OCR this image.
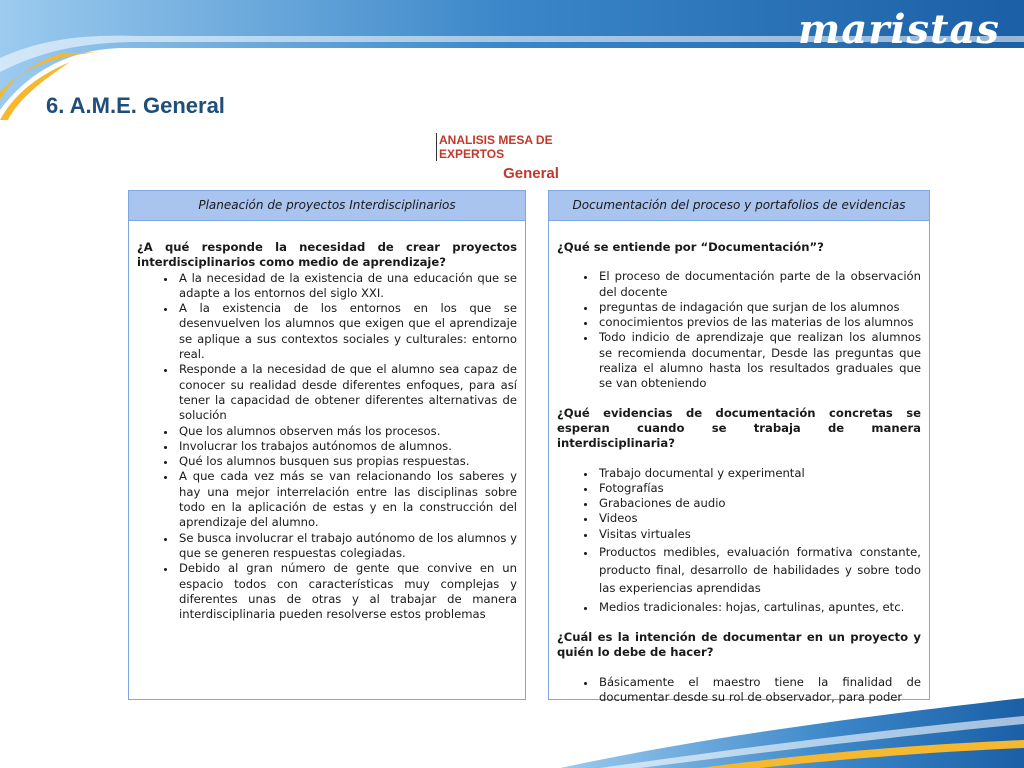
maristas
6. A.M.E. General
ANALISIS MESA DE EXPERTOS
General
Planeación de proyectos Interdisciplinarios

¿A qué responde la necesidad de crear proyectos interdisciplinarios como medio de aprendizaje?

• A la necesidad de la existencia de una educación que se adapte a los entornos del siglo XXI.
• A la existencia de los entornos en los que se desenvuelven los alumnos que exigen que el aprendizaje se aplique a sus contextos sociales y culturales: entorno real.
• Responde a la necesidad de que el alumno sea capaz de conocer su realidad desde diferentes enfoques, para así tener la capacidad de obtener diferentes alternativas de solución
• Que los alumnos observen más los procesos.
• Involucrar los trabajos autónomos de alumnos.
• Qué los alumnos busquen sus propias respuestas.
• A que cada vez más se van relacionando los saberes y hay una mejor interrelación entre las disciplinas sobre todo en la aplicación de estas y en la construcción del aprendizaje del alumno.
• Se busca involucrar el trabajo autónomo de los alumnos y que se generen respuestas colegiadas.
• Debido al gran número de gente que convive en un espacio todos con características muy complejas y diferentes unas de otras y al trabajar de manera interdisciplinaria pueden resolverse estos problemas
Documentación del proceso y portafolios de evidencias

¿Qué se entiende por “Documentación”?

• El proceso de documentación parte de la observación del docente
• preguntas de indagación que surjan de los alumnos
• conocimientos previos de las materias de los alumnos
• Todo indicio de aprendizaje que realizan los alumnos se recomienda documentar, Desde las preguntas que realiza el alumno hasta los resultados graduales que se van obteniendo

¿Qué evidencias de documentación concretas se esperan cuando se trabaja de manera interdisciplinaria?

• Trabajo documental y experimental
• Fotografías
• Grabaciones de audio
• Videos
• Visitas virtuales
• Productos medibles, evaluación formativa constante, producto final, desarrollo de habilidades y sobre todo las experiencias aprendidas
• Medios tradicionales: hojas, cartulinas, apuntes, etc.

¿Cuál es la intención de documentar en un proyecto y quién lo debe de hacer?

• Básicamente el maestro tiene la finalidad de documentar desde su rol de observador, para poder
